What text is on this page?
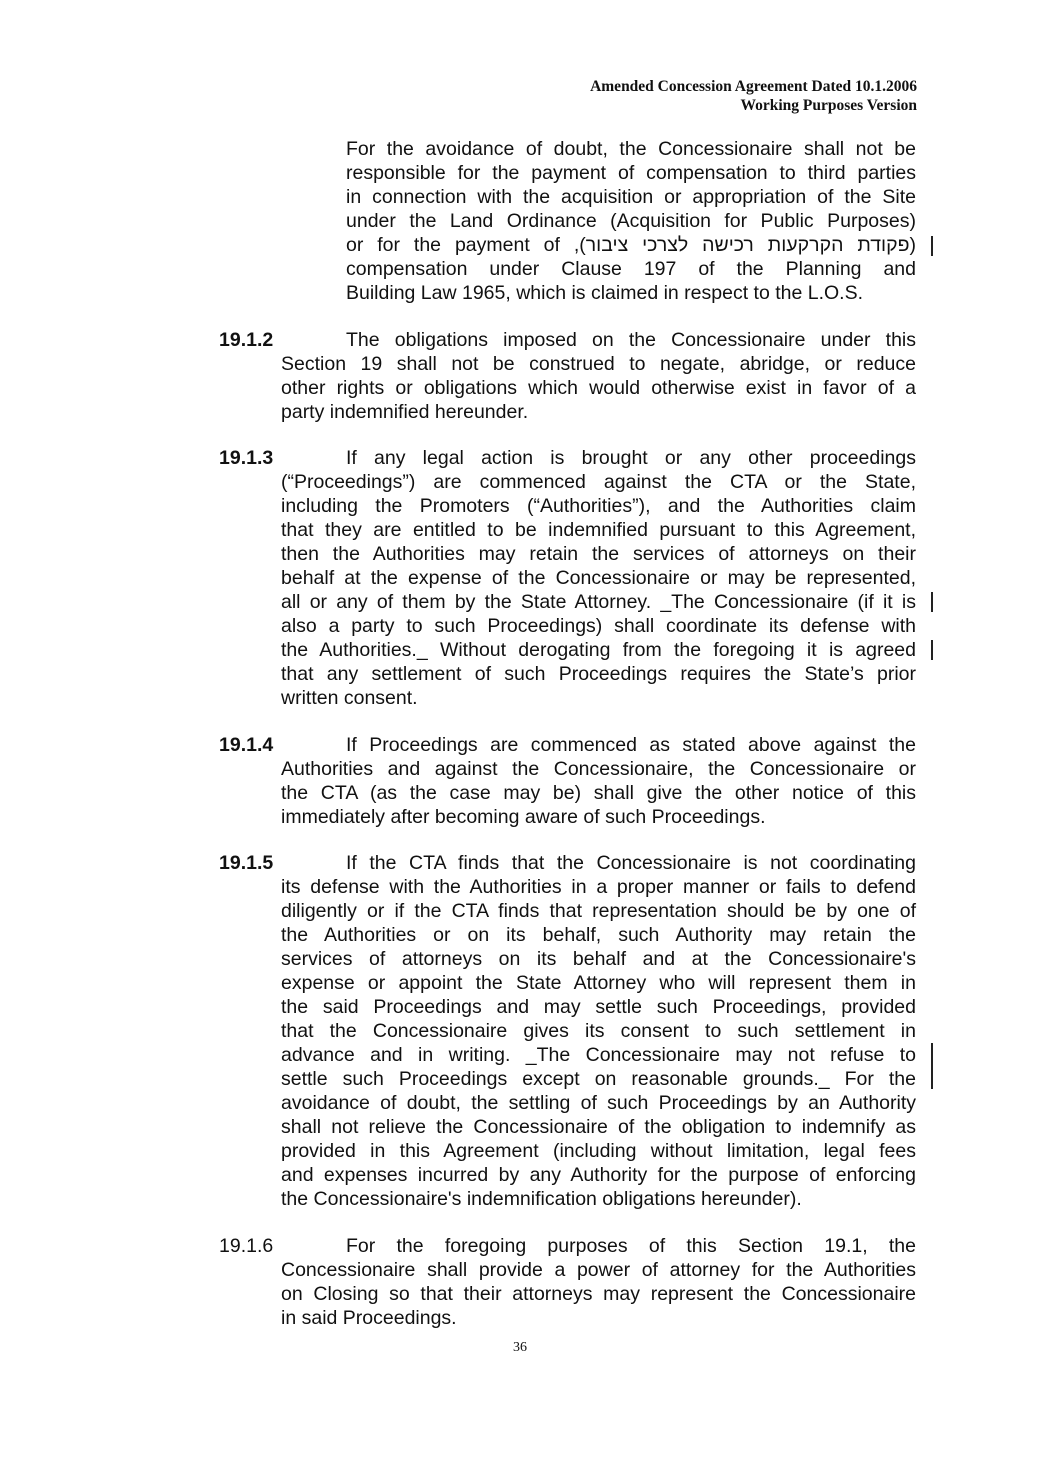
Amended Concession Agreement Dated 10.1.2006
Working Purposes Version
For the avoidance of doubt, the Concessionaire shall not be
responsible for the payment of compensation to third parties
in connection with the acquisition or appropriation of the Site
under the Land Ordinance (Acquisition for Public Purposes)
(פקודת הקרקעות רכישה לצרכי ציבור), or for the payment of
compensation under Clause 197 of the Planning and
Building Law 1965, which is claimed in respect to the L.O.S.
19.1.2	The obligations imposed on the Concessionaire under this
Section 19 shall not be construed to negate, abridge, or reduce
other rights or obligations which would otherwise exist in favor of a
party indemnified hereunder.
19.1.3	If any legal action is brought or any other proceedings
(“Proceedings”) are commenced against the CTA or the State,
including the Promoters (“Authorities”), and the Authorities claim
that they are entitled to be indemnified pursuant to this Agreement,
then the Authorities may retain the services of attorneys on their
behalf at the expense of the Concessionaire or may be represented,
all or any of them by the State Attorney. _The Concessionaire (if it is
also a party to such Proceedings) shall coordinate its defense with
the Authorities._ Without derogating from the foregoing it is agreed
that any settlement of such Proceedings requires the State’s prior
written consent.
19.1.4	If Proceedings are commenced as stated above against the
Authorities and against the Concessionaire, the Concessionaire or
the CTA (as the case may be) shall give the other notice of this
immediately after becoming aware of such Proceedings.
19.1.5	If the CTA finds that the Concessionaire is not coordinating
its defense with the Authorities in a proper manner or fails to defend
diligently or if the CTA finds that representation should be by one of
the Authorities or on its behalf, such Authority may retain the
services of attorneys on its behalf and at the Concessionaire's
expense or appoint the State Attorney who will represent them in
the said Proceedings and may settle such Proceedings, provided
that the Concessionaire gives its consent to such settlement in
advance and in writing. _The Concessionaire may not refuse to
settle such Proceedings except on reasonable grounds._ For the
avoidance of doubt, the settling of such Proceedings by an Authority
shall not relieve the Concessionaire of the obligation to indemnify as
provided in this Agreement (including without limitation, legal fees
and expenses incurred by any Authority for the purpose of enforcing
the Concessionaire's indemnification obligations hereunder).
19.1.6	For the foregoing purposes of this Section 19.1, the
Concessionaire shall provide a power of attorney for the Authorities
on Closing so that their attorneys may represent the Concessionaire
in said Proceedings.
36
